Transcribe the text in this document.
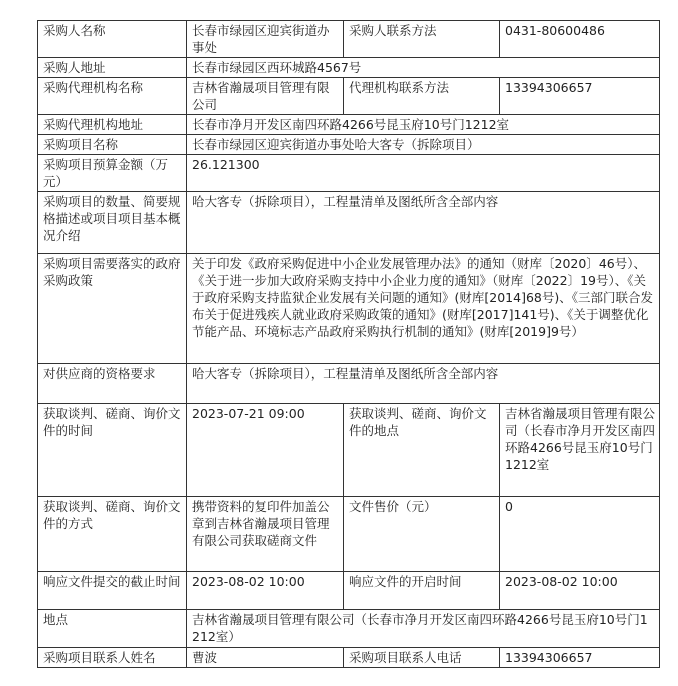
采购人名称	长春市绿园区迎宾街道办事处	采购人联系方法	0431-80600486
采购人地址	长春市绿园区西环城路4567号		
采购代理机构名称	吉林省瀚晟项目管理有限公司	代理机构联系方法	13394306657
采购代理机构地址	长春市净月开发区南四环路4266号昆玉府10号门1212室		
采购项目名称	长春市绿园区迎宾街道办事处哈大客专（拆除项目）		
采购项目预算金额（万元）	26.121300		
采购项目的数量、简要规格描述或项目项目基本概况介绍	哈大客专（拆除项目），工程量清单及图纸所含全部内容		
采购项目需要落实的政府采购政策	关于印发《政府采购促进中小企业发展管理办法》的通知（财库〔2020〕46号）、《关于进一步加大政府采购支持中小企业力度的通知》（财库〔2022〕19号）、《关于政府采购支持监狱企业发展有关问题的通知》(财库[2014]68号)、《三部门联合发布关于促进残疾人就业政府采购政策的通知》(财库[2017]141号)、《关于调整优化节能产品、环境标志产品政府采购执行机制的通知》(财库[2019]9号）		
对供应商的资格要求	哈大客专（拆除项目），工程量清单及图纸所含全部内容		
获取谈判、磋商、询价文件的时间	2023-07-21 09:00	获取谈判、磋商、询价文件的地点	吉林省瀚晟项目管理有限公司（长春市净月开发区南四环路4266号昆玉府10号门1212室
获取谈判、磋商、询价文件的方式	携带资料的复印件加盖公章到吉林省瀚晟项目管理有限公司获取磋商文件	文件售价（元）	0
响应文件提交的截止时间	2023-08-02 10:00	响应文件的开启时间	2023-08-02 10:00
地点	吉林省瀚晟项目管理有限公司（长春市净月开发区南四环路4266号昆玉府10号门1212室）		
采购项目联系人姓名	曹波	采购项目联系人电话	13394306657
